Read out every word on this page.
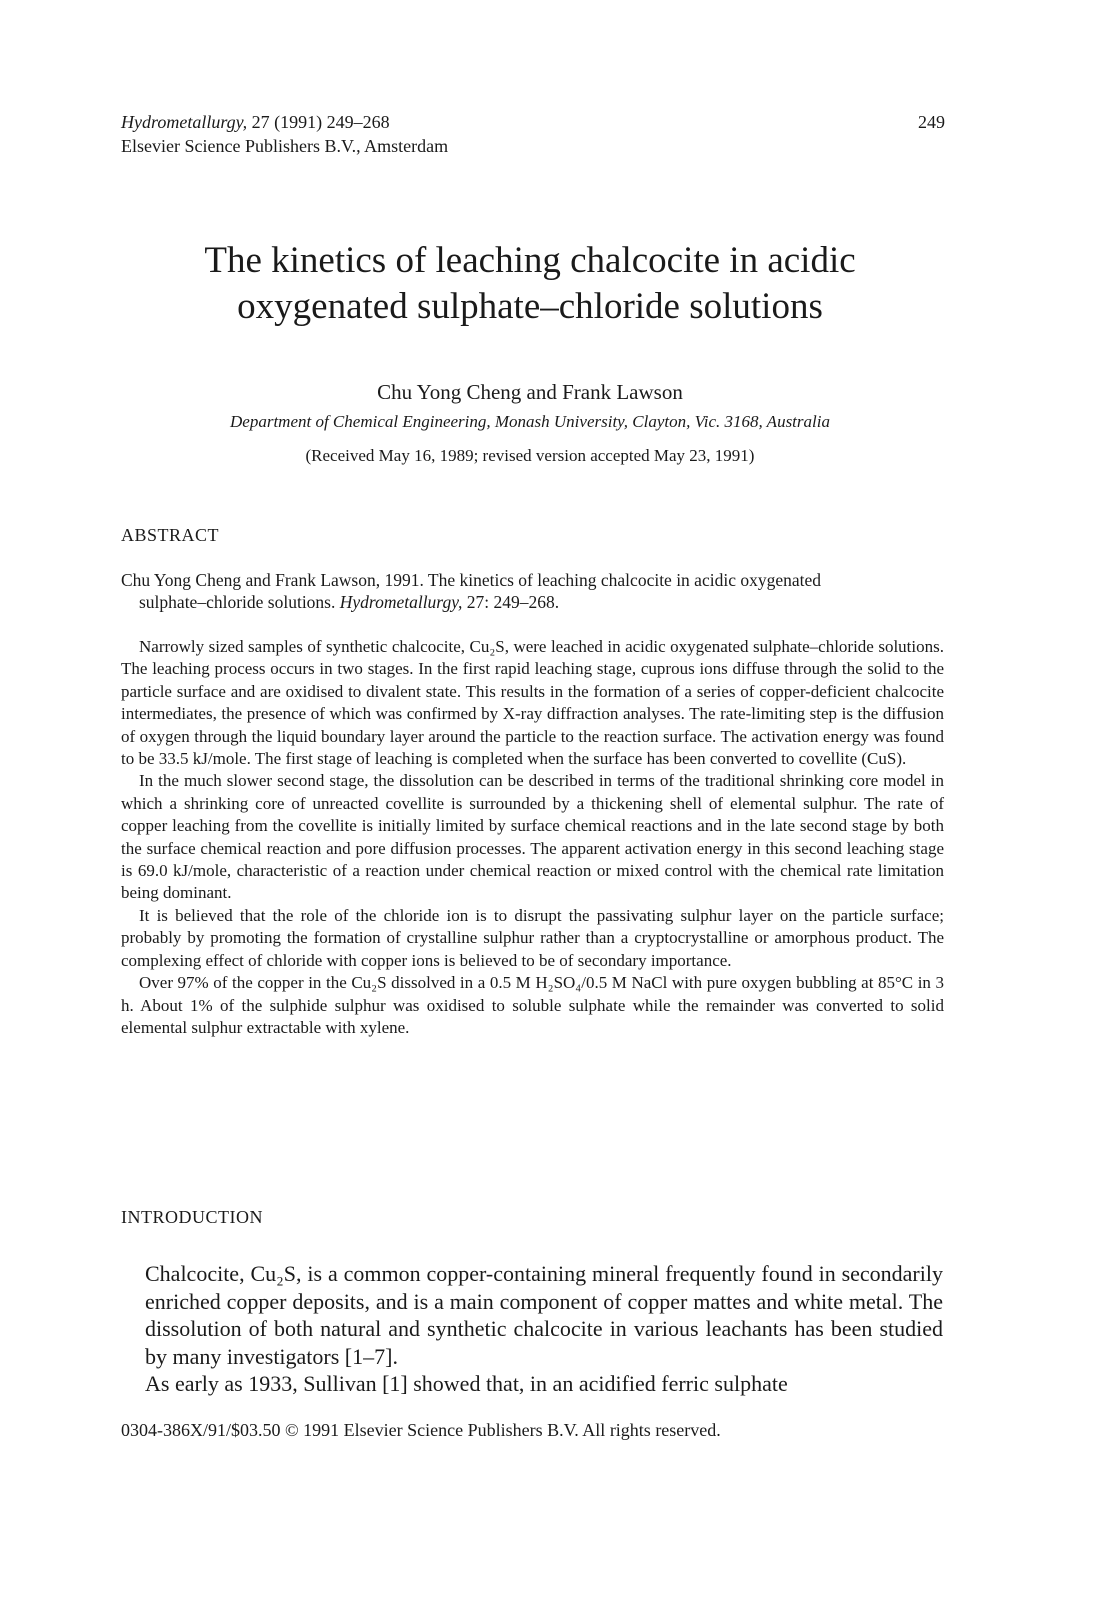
Hydrometallurgy, 27 (1991) 249–268
Elsevier Science Publishers B.V., Amsterdam
249
The kinetics of leaching chalcocite in acidic
oxygenated sulphate–chloride solutions
Chu Yong Cheng and Frank Lawson
Department of Chemical Engineering, Monash University, Clayton, Vic. 3168, Australia
(Received May 16, 1989; revised version accepted May 23, 1991)
ABSTRACT
Chu Yong Cheng and Frank Lawson, 1991. The kinetics of leaching chalcocite in acidic oxygenated
sulphate–chloride solutions. Hydrometallurgy, 27: 249–268.

Narrowly sized samples of synthetic chalcocite, Cu₂S, were leached in acidic oxygenated sulphate–chloride solutions. The leaching process occurs in two stages. In the first rapid leaching stage, cuprous ions diffuse through the solid to the particle surface and are oxidised to divalent state. This results in the formation of a series of copper-deficient chalcocite intermediates, the presence of which was confirmed by X-ray diffraction analyses. The rate-limiting step is the diffusion of oxygen through the liquid boundary layer around the particle to the reaction surface. The activation energy was found to be 33.5 kJ/mole. The first stage of leaching is completed when the surface has been converted to covellite (CuS).

In the much slower second stage, the dissolution can be described in terms of the traditional shrinking core model in which a shrinking core of unreacted covellite is surrounded by a thickening shell of elemental sulphur. The rate of copper leaching from the covellite is initially limited by surface chemical reactions and in the late second stage by both the surface chemical reaction and pore diffusion processes. The apparent activation energy in this second leaching stage is 69.0 kJ/mole, characteristic of a reaction under chemical reaction or mixed control with the chemical rate limitation being dominant.

It is believed that the role of the chloride ion is to disrupt the passivating sulphur layer on the particle surface; probably by promoting the formation of crystalline sulphur rather than a cryptocrystalline or amorphous product. The complexing effect of chloride with copper ions is believed to be of secondary importance.

Over 97% of the copper in the Cu₂S dissolved in a 0.5 M H₂SO₄/0.5 M NaCl with pure oxygen bubbling at 85°C in 3 h. About 1% of the sulphide sulphur was oxidised to soluble sulphate while the remainder was converted to solid elemental sulphur extractable with xylene.

INTRODUCTION

Chalcocite, Cu₂S, is a common copper-containing mineral frequently found in secondarily enriched copper deposits, and is a main component of copper mattes and white metal. The dissolution of both natural and synthetic chalcocite in various leachants has been studied by many investigators [1–7].

As early as 1933, Sullivan [1] showed that, in an acidified ferric sulphate

0304-386X/91/$03.50 © 1991 Elsevier Science Publishers B.V. All rights reserved.
